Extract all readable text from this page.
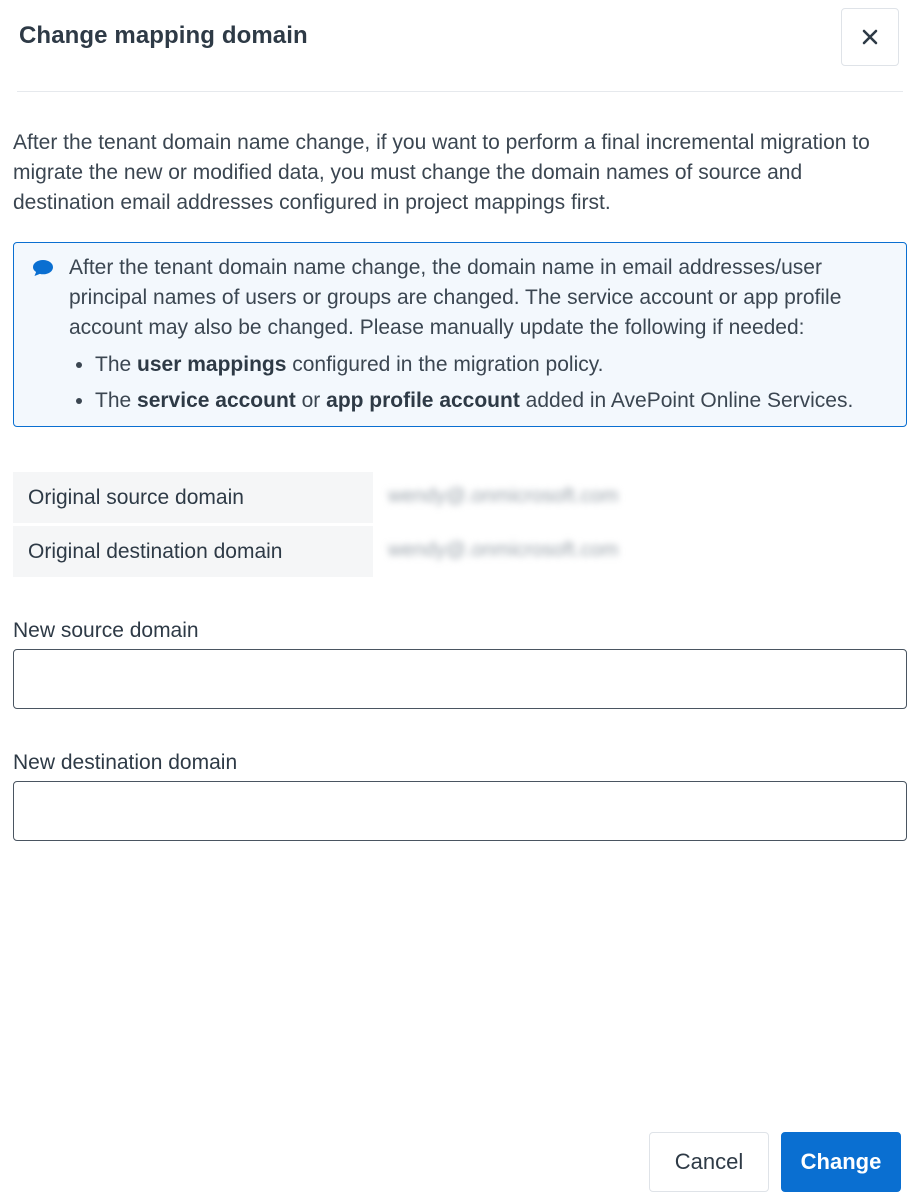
Change mapping domain

After the tenant domain name change, if you want to perform a final incremental migration to migrate the new or modified data, you must change the domain names of source and destination email addresses configured in project mappings first.

After the tenant domain name change, the domain name in email addresses/user principal names of users or groups are changed. The service account or app profile account may also be changed. Please manually update the following if needed:
• The user mappings configured in the migration policy.
• The service account or app profile account added in AvePoint Online Services.
Original source domain	wendy@.onmicrosoft.com
Original destination domain	wendy@.onmicrosoft.com
New source domain
New destination domain
Cancel	Change
